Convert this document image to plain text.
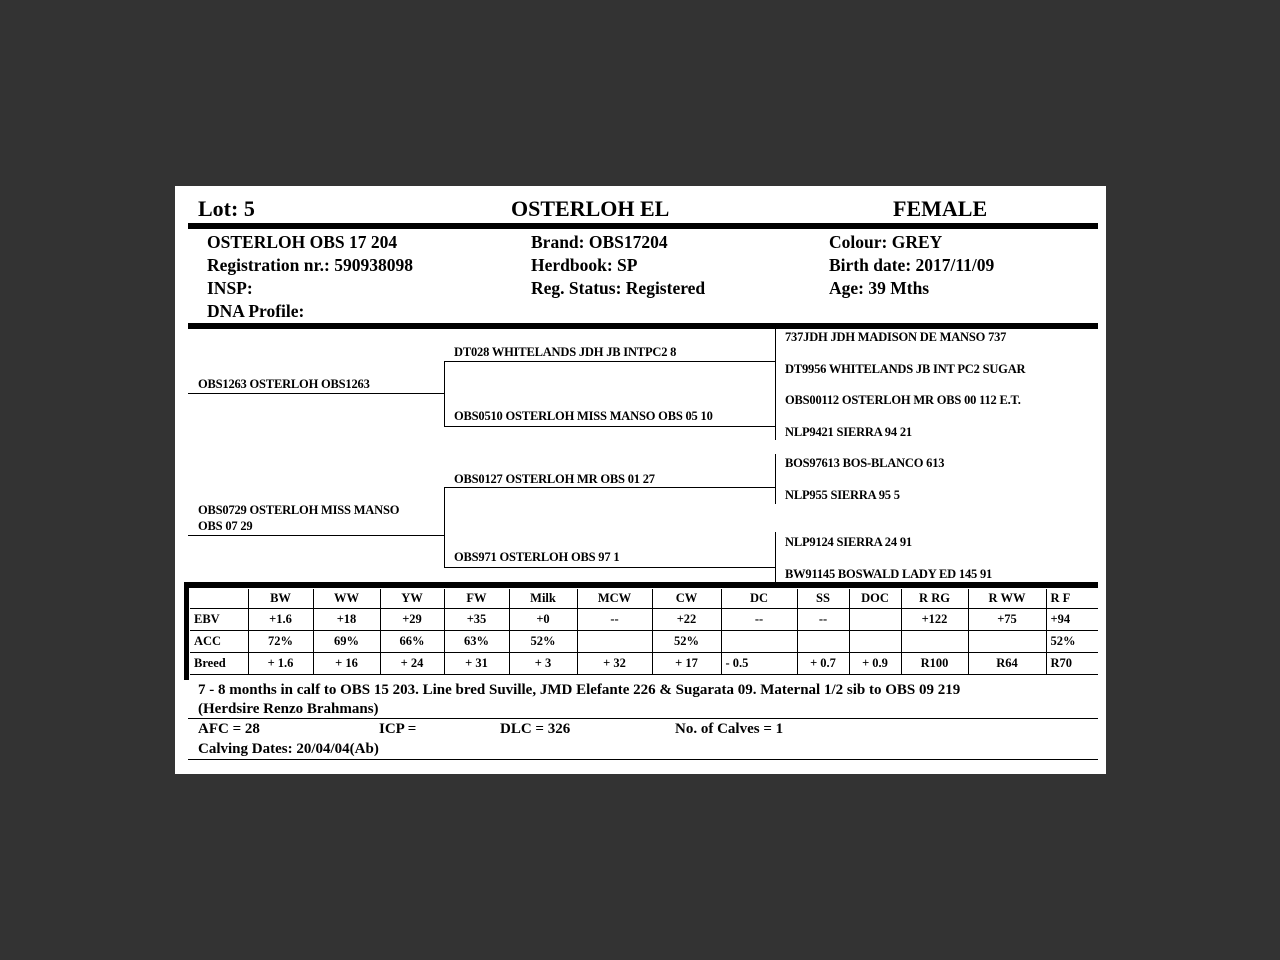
Lot: 5	OSTERLOH EL	FEMALE
OSTERLOH OBS 17 204
Registration nr.: 590938098
INSP:
DNA Profile:
Brand: OBS17204
Herdbook: SP
Reg. Status: Registered
Colour: GREY
Birth date: 2017/11/09
Age: 39 Mths
OBS1263 OSTERLOH OBS1263
OBS0729 OSTERLOH MISS MANSO
OBS 07 29
DT028 WHITELANDS JDH JB INTPC2 8
OBS0510 OSTERLOH MISS MANSO OBS 05 10
OBS0127 OSTERLOH MR OBS 01 27
OBS971 OSTERLOH OBS 97 1
737JDH JDH MADISON DE MANSO 737
DT9956 WHITELANDS JB INT PC2 SUGAR
OBS00112 OSTERLOH MR OBS 00 112 E.T.
NLP9421 SIERRA 94 21
BOS97613 BOS-BLANCO 613
NLP955 SIERRA 95 5
NLP9124 SIERRA 24 91
BW91145 BOSWALD LADY ED 145 91
	BW	WW	YW	FW	Milk	MCW	CW	DC	SS	DOC	R RG	R WW	R F
EBV	+1.6	+18	+29	+35	+0	--	+22	--	--		+122	+75	+94
ACC	72%	69%	66%	63%	52%		52%						52%
Breed	+ 1.6	+ 16	+ 24	+ 31	+ 3	+ 32	+ 17	- 0.5	+ 0.7	+ 0.9	R100	R64	R70
7 - 8 months in calf to OBS 15 203. Line bred Suville, JMD Elefante 226 & Sugarata 09. Maternal 1/2 sib to OBS 09 219
(Herdsire Renzo Brahmans)
AFC = 28	ICP =	DLC = 326	No. of Calves = 1
Calving Dates: 20/04/04(Ab)
